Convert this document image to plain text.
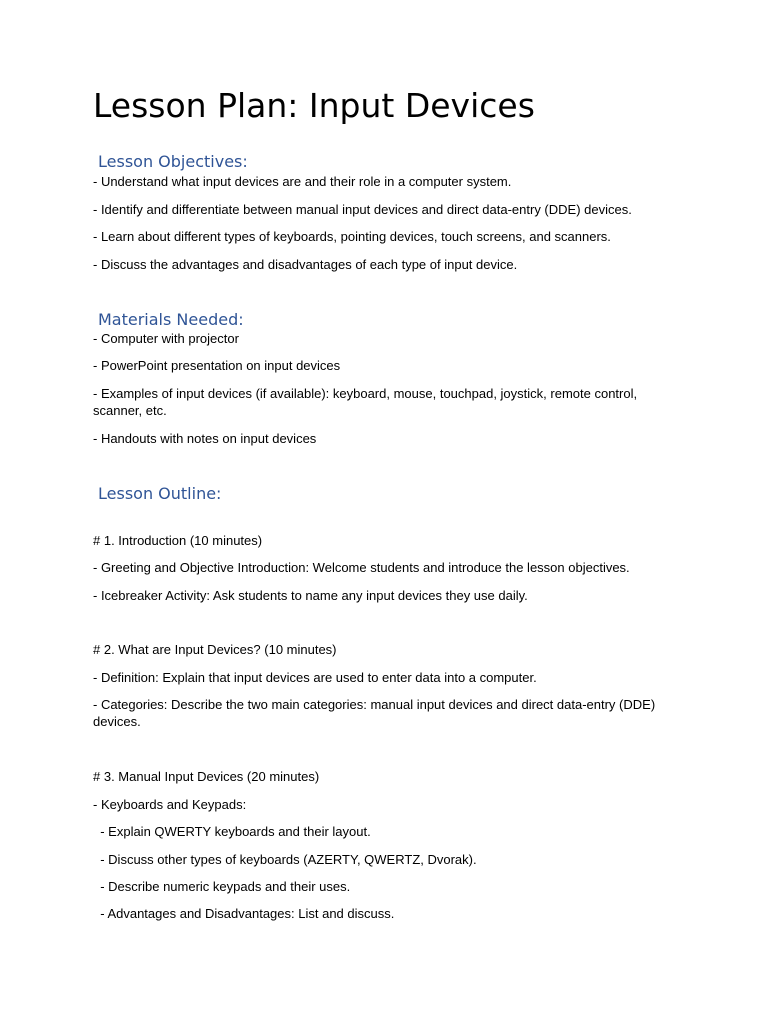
Lesson Plan: Input Devices
Lesson Objectives:

- Understand what input devices are and their role in a computer system.

- Identify and differentiate between manual input devices and direct data-entry (DDE) devices.

- Learn about different types of keyboards, pointing devices, touch screens, and scanners.

- Discuss the advantages and disadvantages of each type of input device.

Materials Needed:

- Computer with projector

- PowerPoint presentation on input devices

- Examples of input devices (if available): keyboard, mouse, touchpad, joystick, remote control, scanner, etc.

- Handouts with notes on input devices

Lesson Outline:

# 1. Introduction (10 minutes)

- Greeting and Objective Introduction: Welcome students and introduce the lesson objectives.

- Icebreaker Activity: Ask students to name any input devices they use daily.

# 2. What are Input Devices? (10 minutes)

- Definition: Explain that input devices are used to enter data into a computer.

- Categories: Describe the two main categories: manual input devices and direct data-entry (DDE) devices.

# 3. Manual Input Devices (20 minutes)

- Keyboards and Keypads:

- Explain QWERTY keyboards and their layout.

- Discuss other types of keyboards (AZERTY, QWERTZ, Dvorak).

- Describe numeric keypads and their uses.

- Advantages and Disadvantages: List and discuss.
